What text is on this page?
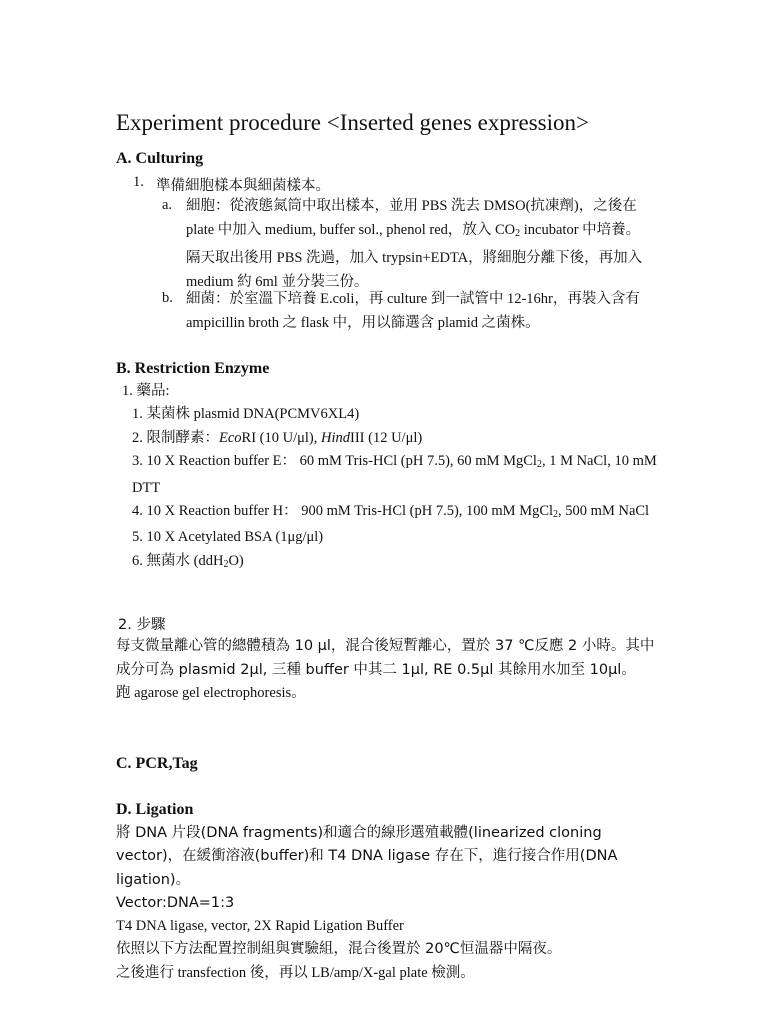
Experiment procedure <Inserted genes expression>
A. Culturing
1. 準備細胞樣本與細菌樣本。
a. 細胞：從液態氮筒中取出樣本，並用 PBS 洗去 DMSO(抗凍劑)，之後在 plate 中加入 medium, buffer sol., phenol red，放入 $CO_2$ incubator 中培養。 隔天取出後用 PBS 洗過，加入 trypsin+EDTA，將細胞分離下後，再加入 medium 約 6ml 並分裝三份。
b. 細菌：於室溫下培養 E.coli，再 culture 到一試管中 12-16hr，再裝入含有 ampicillin broth 之 flask 中，用以篩選含 plamid 之菌株。
B. Restriction Enzyme
1. 藥品:
1. 某菌株 plasmid DNA(PCMV6XL4)
2. 限制酵素：EcoRI (10 U/μl), HindIII (12 U/μl)
3. 10 X Reaction buffer E： 60 mM Tris-HCl (pH 7.5), 60 mM MgCl$_2$, 1 M NaCl, 10 mM DTT
4. 10 X Reaction buffer H： 900 mM Tris-HCl (pH 7.5), 100 mM MgCl$_2$, 500 mM NaCl
5. 10 X Acetylated BSA (1μg/μl)
6. 無菌水 (ddH$_2$O)
2. 步驟
每支微量離心管的總體積為 10 µl，混合後短暫離心，置於 37 ℃反應 2 小時。其中成分可為 plasmid 2µl, 三種 buffer 中其二 1µl, RE 0.5µl 其餘用水加至 10µl。
跑 agarose gel electrophoresis。
C. PCR,Tag
D. Ligation
將 DNA 片段(DNA fragments)和適合的線形選殖載體(linearized cloning vector)，在緩衝溶液(buffer)和 T4 DNA ligase 存在下，進行接合作用(DNA ligation)。
Vector:DNA=1:3
T4 DNA ligase, vector, 2X Rapid Ligation Buffer
依照以下方法配置控制組與實驗組，混合後置於 20℃恒温器中隔夜。
之後進行 transfection 後，再以 LB/amp/X-gal plate 檢測。
